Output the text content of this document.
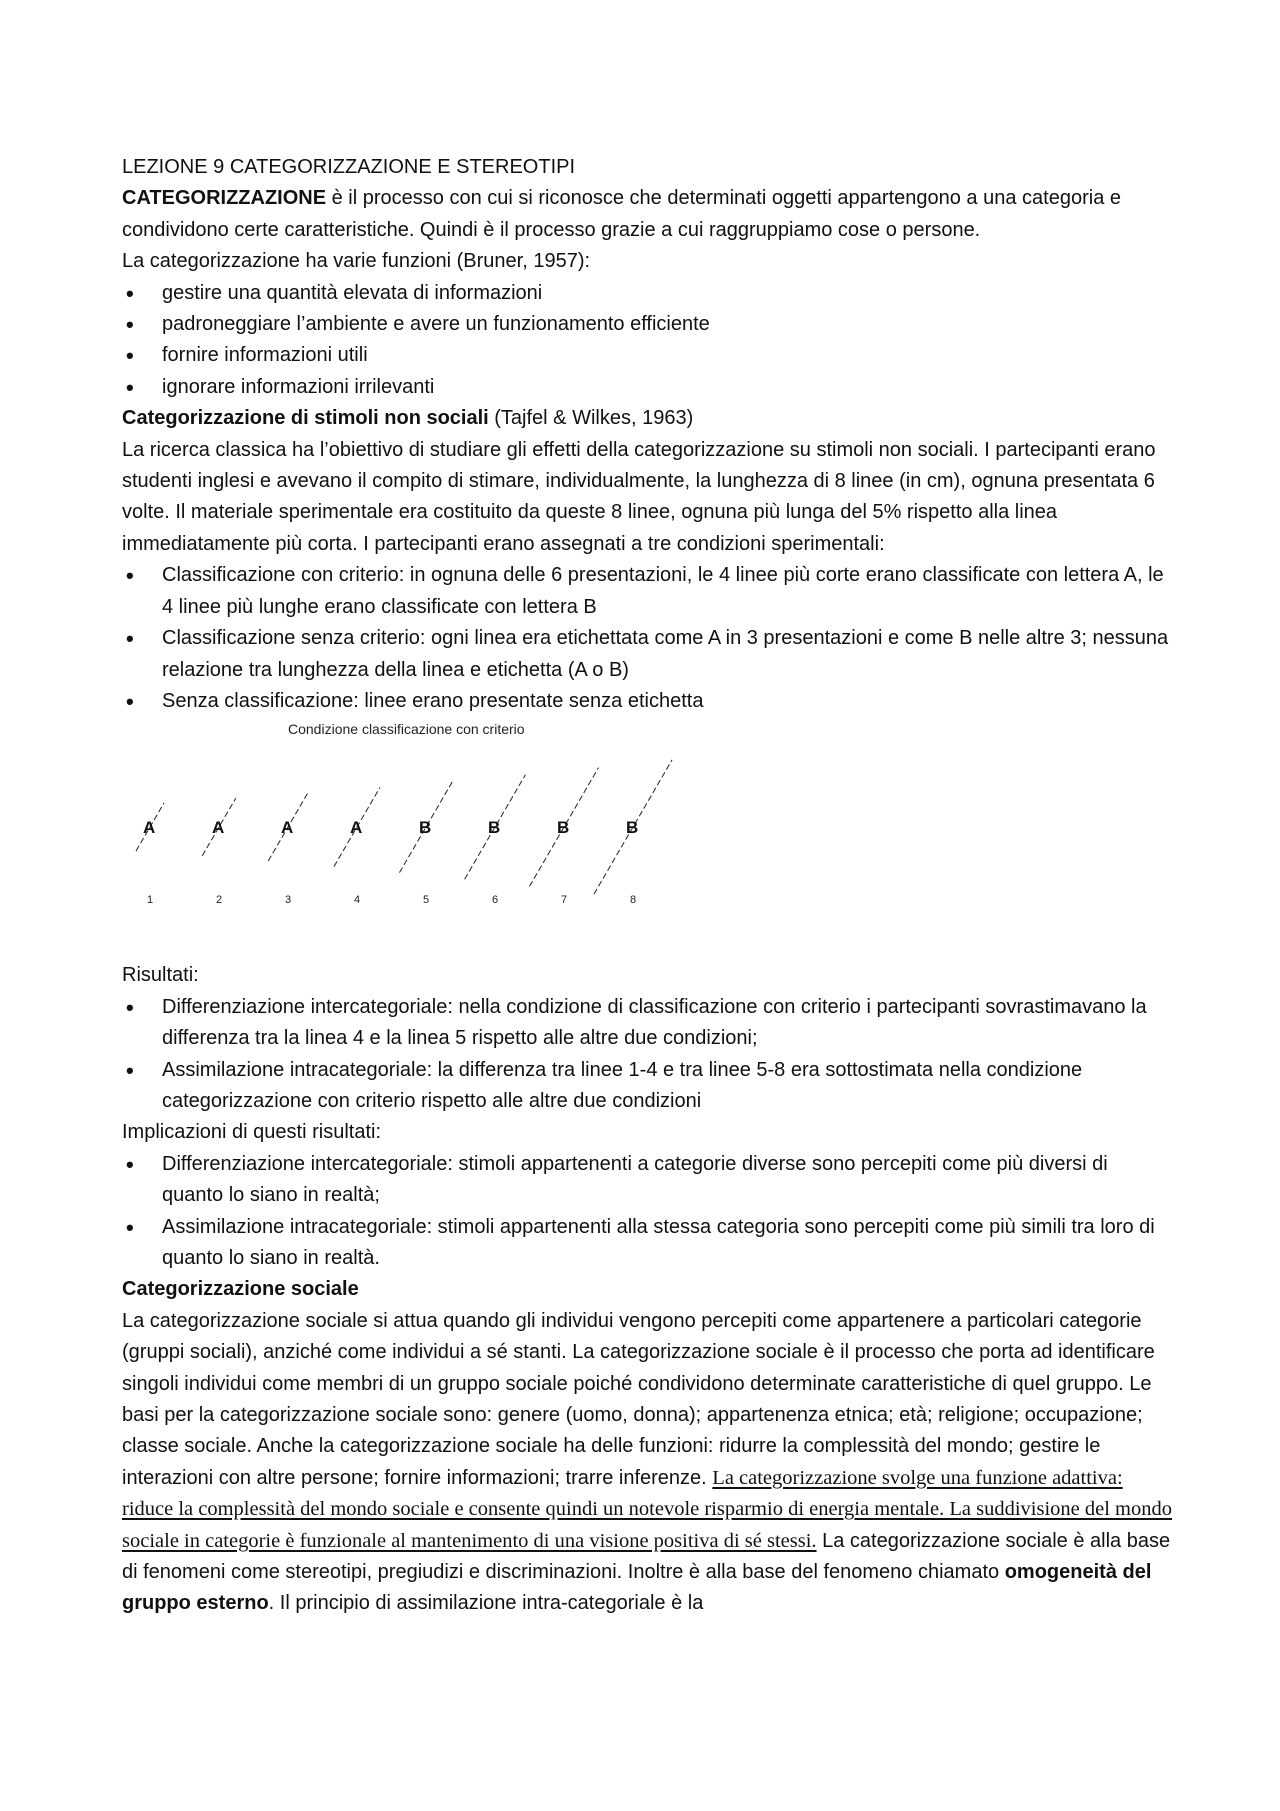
LEZIONE 9 CATEGORIZZAZIONE E STEREOTIPI

CATEGORIZZAZIONE è il processo con cui si riconosce che determinati oggetti appartengono a una categoria e condividono certe caratteristiche. Quindi è il processo grazie a cui raggruppiamo cose o persone.

La categorizzazione ha varie funzioni (Bruner, 1957):

• gestire una quantità elevata di informazioni
• padroneggiare l’ambiente e avere un funzionamento efficiente
• fornire informazioni utili
• ignorare informazioni irrilevanti

Categorizzazione di stimoli non sociali (Tajfel & Wilkes, 1963)

La ricerca classica ha l’obiettivo di studiare gli effetti della categorizzazione su stimoli non sociali. I partecipanti erano studenti inglesi e avevano il compito di stimare, individualmente, la lunghezza di 8 linee (in cm), ognuna presentata 6 volte. Il materiale sperimentale era costituito da queste 8 linee, ognuna più lunga del 5% rispetto alla linea immediatamente più corta. I partecipanti erano assegnati a tre condizioni sperimentali:

• Classificazione con criterio: in ognuna delle 6 presentazioni, le 4 linee più corte erano classificate con lettera A, le 4 linee più lunghe erano classificate con lettera B
• Classificazione senza criterio: ogni linea era etichettata come A in 3 presentazioni e come B nelle altre 3; nessuna relazione tra lunghezza della linea e etichetta (A o B)
• Senza classificazione: linee erano presentate senza etichetta
Condizione classificazione con criterio
A
1
A
2
A
3
A
4
B
5
B
6
B
7
B
8

Risultati:

• Differenziazione intercategoriale: nella condizione di classificazione con criterio i partecipanti sovrastimavano la differenza tra la linea 4 e la linea 5 rispetto alle altre due condizioni;
• Assimilazione intracategoriale: la differenza tra linee 1-4 e tra linee 5-8 era sottostimata nella condizione categorizzazione con criterio rispetto alle altre due condizioni

Implicazioni di questi risultati:

• Differenziazione intercategoriale: stimoli appartenenti a categorie diverse sono percepiti come più diversi di quanto lo siano in realtà;
• Assimilazione intracategoriale: stimoli appartenenti alla stessa categoria sono percepiti come più simili tra loro di quanto lo siano in realtà.

Categorizzazione sociale

La categorizzazione sociale si attua quando gli individui vengono percepiti come appartenere a particolari categorie (gruppi sociali), anziché come individui a sé stanti. La categorizzazione sociale è il processo che porta ad identificare singoli individui come membri di un gruppo sociale poiché condividono determinate caratteristiche di quel gruppo. Le basi per la categorizzazione sociale sono: genere (uomo, donna); appartenenza etnica; età; religione; occupazione; classe sociale. Anche la categorizzazione sociale ha delle funzioni: ridurre la complessità del mondo; gestire le interazioni con altre persone; fornire informazioni; trarre inferenze. La categorizzazione svolge una funzione adattiva: riduce la complessità del mondo sociale e consente quindi un notevole risparmio di energia mentale. La suddivisione del mondo sociale in categorie è funzionale al mantenimento di una visione positiva di sé stessi. La categorizzazione sociale è alla base di fenomeni come stereotipi, pregiudizi e discriminazioni. Inoltre è alla base del fenomeno chiamato omogeneità del gruppo esterno. Il principio di assimilazione intra-categoriale è la
